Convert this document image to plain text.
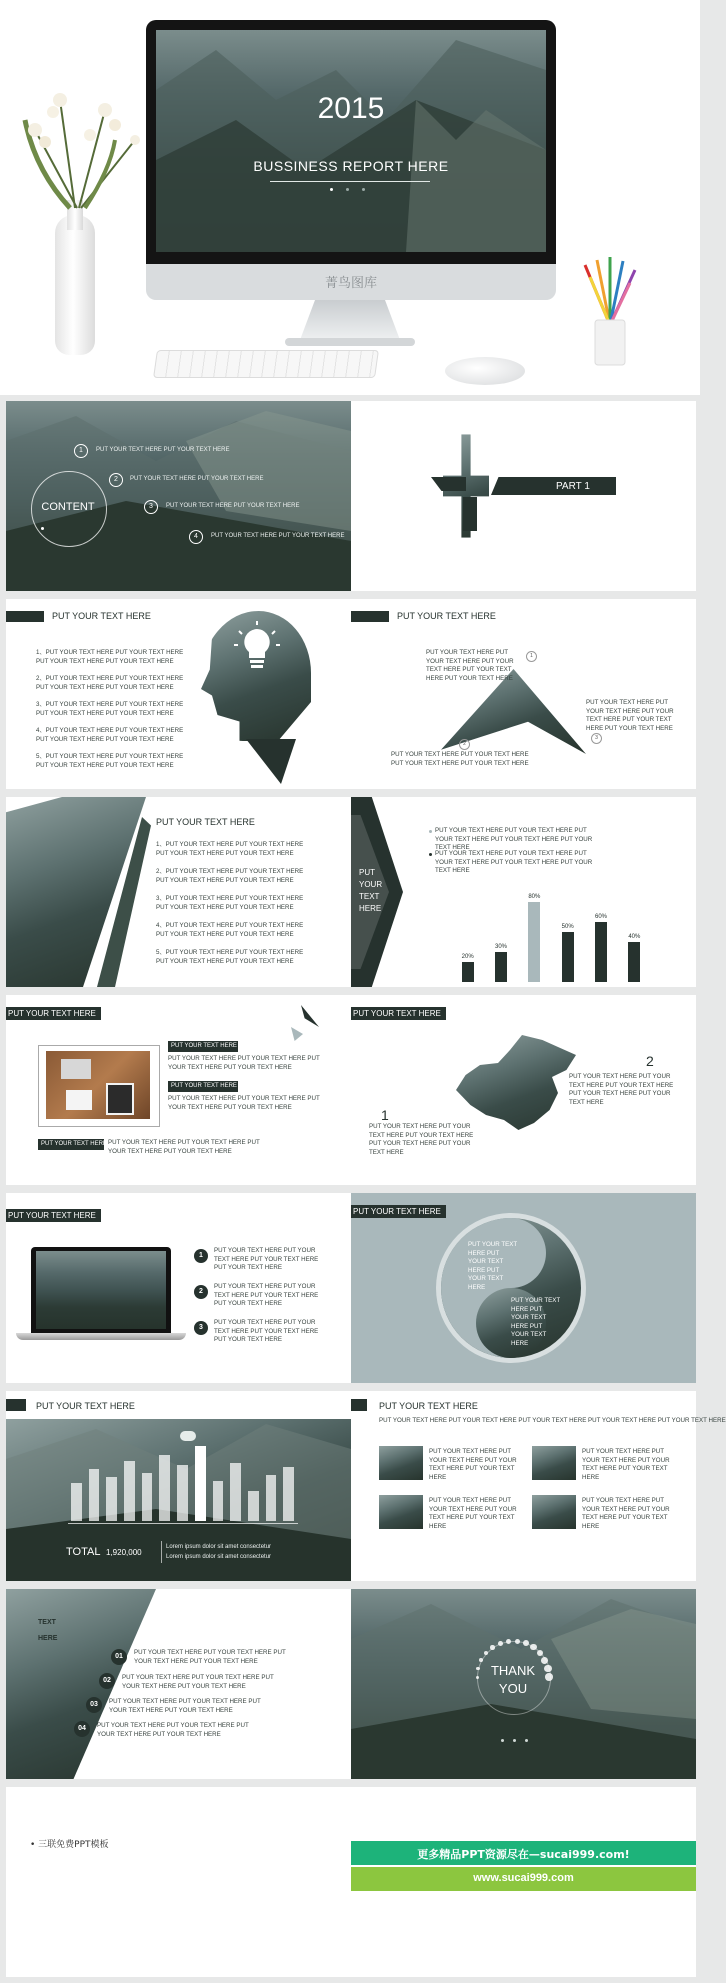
2015
BUSSINESS REPORT HERE
菁鸟图库
CONTENT
1	PUT YOUR TEXT HERE PUT YOUR TEXT HERE
2	PUT YOUR TEXT HERE PUT YOUR TEXT HERE
3	PUT YOUR TEXT HERE PUT YOUR TEXT HERE
4	PUT YOUR TEXT HERE PUT YOUR TEXT HERE
PART 1
PUT YOUR TEXT HERE
1、PUT YOUR TEXT HERE PUT YOUR TEXT HERE PUT YOUR TEXT HERE PUT YOUR TEXT HERE
2、PUT YOUR TEXT HERE PUT YOUR TEXT HERE PUT YOUR TEXT HERE PUT YOUR TEXT HERE
3、PUT YOUR TEXT HERE PUT YOUR TEXT HERE PUT YOUR TEXT HERE PUT YOUR TEXT HERE
4、PUT YOUR TEXT HERE PUT YOUR TEXT HERE PUT YOUR TEXT HERE PUT YOUR TEXT HERE
5、PUT YOUR TEXT HERE PUT YOUR TEXT HERE PUT YOUR TEXT HERE PUT YOUR TEXT HERE
PUT YOUR TEXT HERE
PUT YOUR TEXT HERE PUT YOUR TEXT HERE PUT YOUR TEXT HERE PUT YOUR TEXT HERE PUT YOUR TEXT HERE
1
PUT YOUR TEXT HERE PUT YOUR TEXT HERE PUT YOUR TEXT HERE PUT YOUR TEXT HERE
2
PUT YOUR TEXT HERE PUT YOUR TEXT HERE PUT YOUR TEXT HERE PUT YOUR TEXT HERE PUT YOUR TEXT HERE
3
PUT YOUR TEXT HERE
1、PUT YOUR TEXT HERE PUT YOUR TEXT HERE PUT YOUR TEXT HERE PUT YOUR TEXT HERE
2、PUT YOUR TEXT HERE PUT YOUR TEXT HERE PUT YOUR TEXT HERE PUT YOUR TEXT HERE
3、PUT YOUR TEXT HERE PUT YOUR TEXT HERE PUT YOUR TEXT HERE PUT YOUR TEXT HERE
4、PUT YOUR TEXT HERE PUT YOUR TEXT HERE PUT YOUR TEXT HERE PUT YOUR TEXT HERE
5、PUT YOUR TEXT HERE PUT YOUR TEXT HERE PUT YOUR TEXT HERE PUT YOUR TEXT HERE
PUT
YOUR
TEXT
HERE
PUT YOUR TEXT HERE PUT YOUR TEXT HERE PUT YOUR TEXT HERE PUT YOUR TEXT HERE PUT YOUR TEXT HERE
PUT YOUR TEXT HERE PUT YOUR TEXT HERE PUT YOUR TEXT HERE PUT YOUR TEXT HERE PUT YOUR TEXT HERE
20%
30%
80%
50%
60%
40%
PUT YOUR TEXT HERE
PUT YOUR TEXT HERE
PUT YOUR TEXT HERE PUT YOUR TEXT HERE PUT YOUR TEXT HERE PUT YOUR TEXT HERE
PUT YOUR TEXT HERE
PUT YOUR TEXT HERE PUT YOUR TEXT HERE PUT YOUR TEXT HERE PUT YOUR TEXT HERE
PUT YOUR TEXT HERE PUT YOUR TEXT HERE PUT YOUR TEXT HERE PUT YOUR TEXT HERE PUT YOUR TEXT HERE
PUT YOUR TEXT HERE
1
PUT YOUR TEXT HERE PUT YOUR TEXT HERE PUT YOUR TEXT HERE PUT YOUR TEXT HERE PUT YOUR TEXT HERE
2
PUT YOUR TEXT HERE PUT YOUR TEXT HERE PUT YOUR TEXT HERE PUT YOUR TEXT HERE PUT YOUR TEXT HERE
PUT YOUR TEXT HERE
1
PUT YOUR TEXT HERE PUT YOUR TEXT HERE PUT YOUR TEXT HERE PUT YOUR TEXT HERE
2
PUT YOUR TEXT HERE PUT YOUR TEXT HERE PUT YOUR TEXT HERE PUT YOUR TEXT HERE
3
PUT YOUR TEXT HERE PUT YOUR TEXT HERE PUT YOUR TEXT HERE PUT YOUR TEXT HERE
PUT YOUR TEXT HERE
PUT YOUR TEXT HERE PUT YOUR TEXT HERE PUT YOUR TEXT HERE
PUT YOUR TEXT HERE PUT YOUR TEXT HERE PUT YOUR TEXT HERE
PUT YOUR TEXT HERE
TOTAL 1,920,000
Lorem ipsum dolor sit amet consectetur
Lorem ipsum dolor sit amet consectetur
PUT YOUR TEXT HERE
PUT YOUR TEXT HERE PUT YOUR TEXT HERE PUT YOUR TEXT HERE PUT YOUR TEXT HERE PUT YOUR TEXT HERE
PUT YOUR TEXT HERE PUT YOUR TEXT HERE PUT YOUR TEXT HERE PUT YOUR TEXT HERE
PUT YOUR TEXT HERE PUT YOUR TEXT HERE PUT YOUR TEXT HERE PUT YOUR TEXT HERE
PUT YOUR TEXT HERE PUT YOUR TEXT HERE PUT YOUR TEXT HERE PUT YOUR TEXT HERE
PUT YOUR TEXT HERE PUT YOUR TEXT HERE PUT YOUR TEXT HERE PUT YOUR TEXT HERE
TEXT
HERE
01
PUT YOUR TEXT HERE PUT YOUR TEXT HERE PUT YOUR TEXT HERE PUT YOUR TEXT HERE
02	PUT YOUR TEXT HERE PUT YOUR TEXT HERE PUT YOUR TEXT HERE PUT YOUR TEXT HERE
03	PUT YOUR TEXT HERE PUT YOUR TEXT HERE PUT YOUR TEXT HERE PUT YOUR TEXT HERE
04	PUT YOUR TEXT HERE PUT YOUR TEXT HERE PUT YOUR TEXT HERE PUT YOUR TEXT HERE
THANK
YOU
• 三联免费PPT模板
更多精品PPT资源尽在—sucai999.com!
www.sucai999.com
